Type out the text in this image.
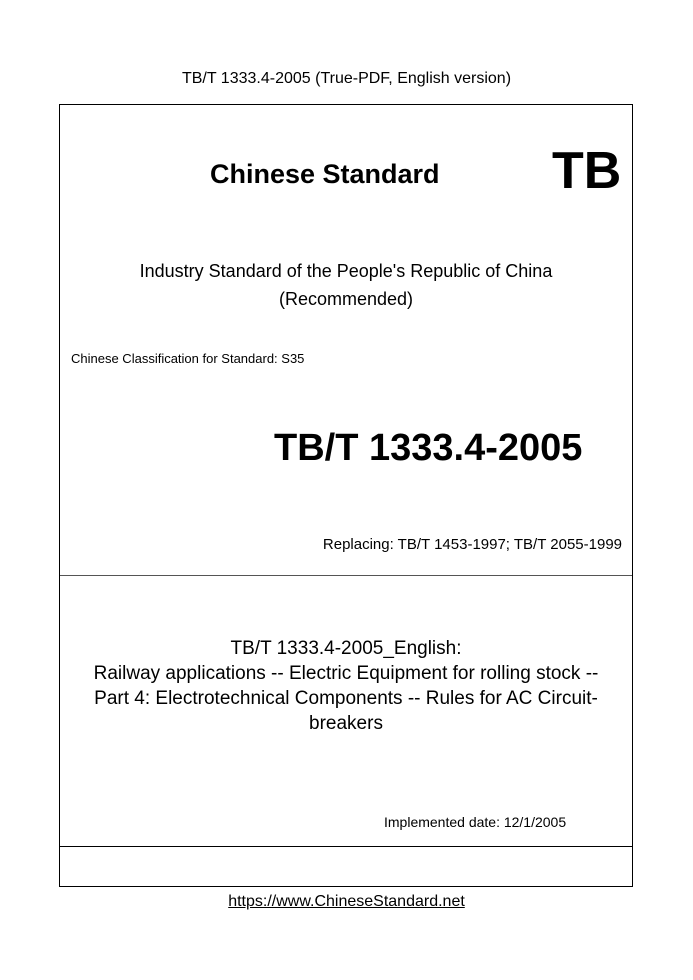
TB/T 1333.4-2005 (True-PDF, English version)
Chinese Standard TB
Industry Standard of the People's Republic of China
(Recommended)
Chinese Classification for Standard: S35
TB/T 1333.4-2005
Replacing: TB/T 1453-1997; TB/T 2055-1999
TB/T 1333.4-2005_English:
Railway applications -- Electric Equipment for rolling stock --
Part 4: Electrotechnical Components -- Rules for AC Circuit-
breakers
Implemented date: 12/1/2005
https://www.ChineseStandard.net
